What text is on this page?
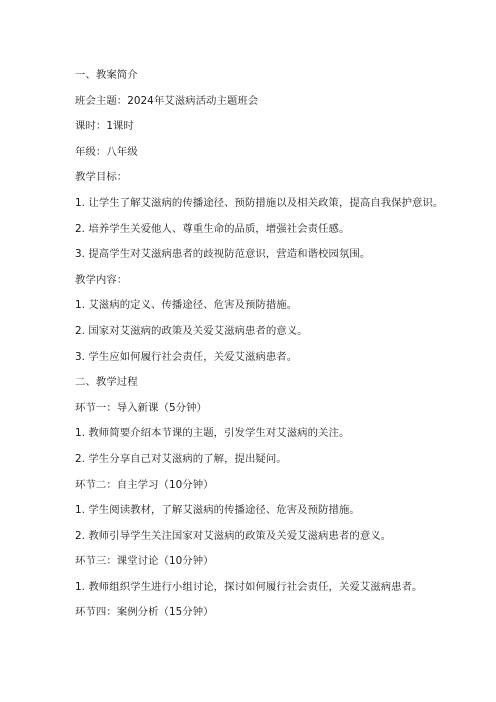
一、教案简介
班会主题：2024年艾滋病活动主题班会
课时：1课时
年级：八年级
教学目标：
1. 让学生了解艾滋病的传播途径、预防措施以及相关政策，提高自我保护意识。
2. 培养学生关爱他人、尊重生命的品质，增强社会责任感。
3. 提高学生对艾滋病患者的歧视防范意识，营造和谐校园氛围。
教学内容：
1. 艾滋病的定义、传播途径、危害及预防措施。
2. 国家对艾滋病的政策及关爱艾滋病患者的意义。
3. 学生应如何履行社会责任，关爱艾滋病患者。
二、教学过程
环节一：导入新课（5分钟）
1. 教师简要介绍本节课的主题，引发学生对艾滋病的关注。
2. 学生分享自己对艾滋病的了解，提出疑问。
环节二：自主学习（10分钟）
1. 学生阅读教材，了解艾滋病的传播途径、危害及预防措施。
2. 教师引导学生关注国家对艾滋病的政策及关爱艾滋病患者的意义。
环节三：课堂讨论（10分钟）
1. 教师组织学生进行小组讨论，探讨如何履行社会责任，关爱艾滋病患者。
环节四：案例分析（15分钟）
